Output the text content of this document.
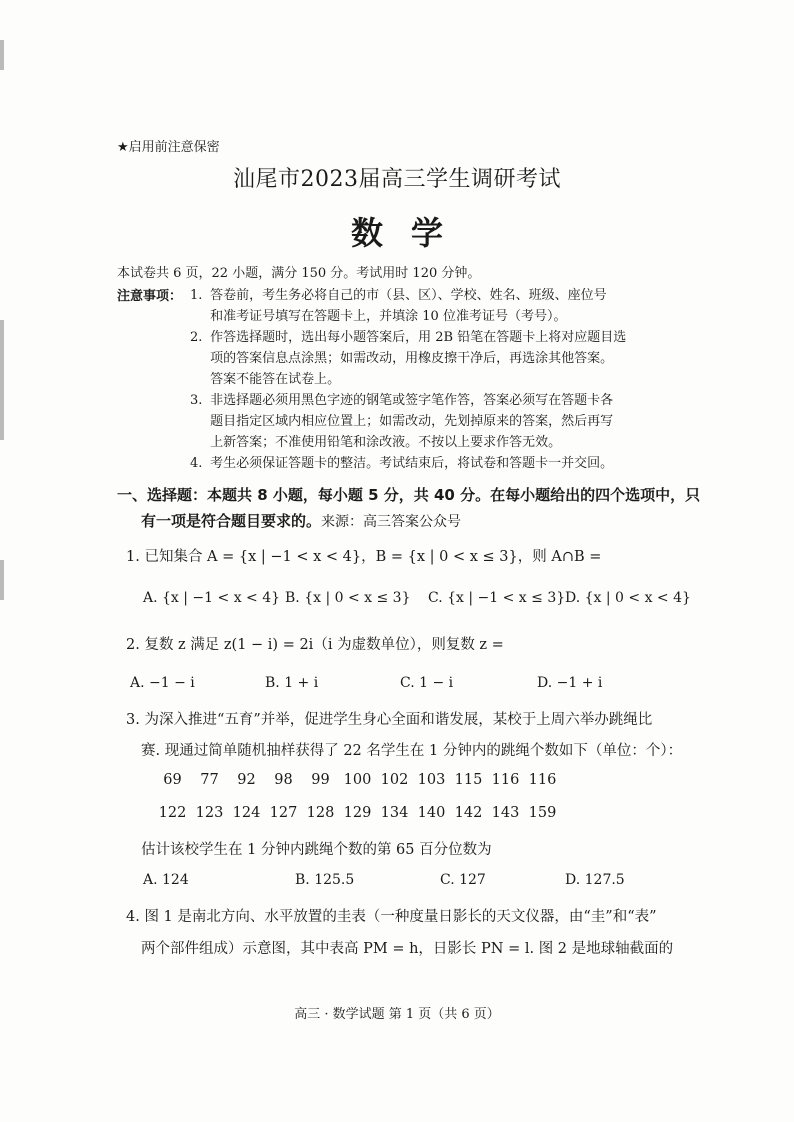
★启用前注意保密
汕尾市2023届高三学生调研考试
数学
本试卷共 6 页，22 小题，满分 150 分。考试用时 120 分钟。
注意事项： 1. 答卷前，考生务必将自己的市（县、区）、学校、姓名、班级、座位号
和准考证号填写在答题卡上，并填涂 10 位准考证号（考号）。
2. 作答选择题时，选出每小题答案后，用 2B 铅笔在答题卡上将对应题目选
项的答案信息点涂黑；如需改动，用橡皮擦干净后，再选涂其他答案。
答案不能答在试卷上。
3. 非选择题必须用黑色字迹的钢笔或签字笔作答，答案必须写在答题卡各
题目指定区域内相应位置上；如需改动，先划掉原来的答案，然后再写
上新答案；不准使用铅笔和涂改液。不按以上要求作答无效。
4. 考生必须保证答题卡的整洁。考试结束后，将试卷和答题卡一并交回。
一、选择题：本题共 8 小题，每小题 5 分，共 40 分。在每小题给出的四个选项中，只
有一项是符合题目要求的。来源：高三答案公众号
1. 已知集合 A = {x | −1 < x < 4}，B = {x | 0 < x ≤ 3}，则 A∩B =
A. {x | −1 < x < 4} B. {x | 0 < x ≤ 3} C. {x | −1 < x ≤ 3} D. {x | 0 < x < 4}
2. 复数 z 满足 z(1 − i) = 2i（i 为虚数单位），则复数 z =
A. −1 − i	B. 1 + i	C. 1 − i	D. −1 + i
3. 为深入推进“五育”并举，促进学生身心全面和谐发展，某校于上周六举办跳绳比
赛. 现通过简单随机抽样获得了 22 名学生在 1 分钟内的跳绳个数如下（单位：个）：
69	77	92	98	99 100 102 103 115 116 116
122 123 124 127 128 129 134 140 142 143 159
估计该校学生在 1 分钟内跳绳个数的第 65 百分位数为
A. 124	B. 125.5	C. 127	D. 127.5
4. 图 1 是南北方向、水平放置的圭表（一种度量日影长的天文仪器，由“圭”和“表”
两个部件组成）示意图，其中表高 PM = h，日影长 PN = l. 图 2 是地球轴截面的
高三 · 数学试题 第 1 页（共 6 页）
